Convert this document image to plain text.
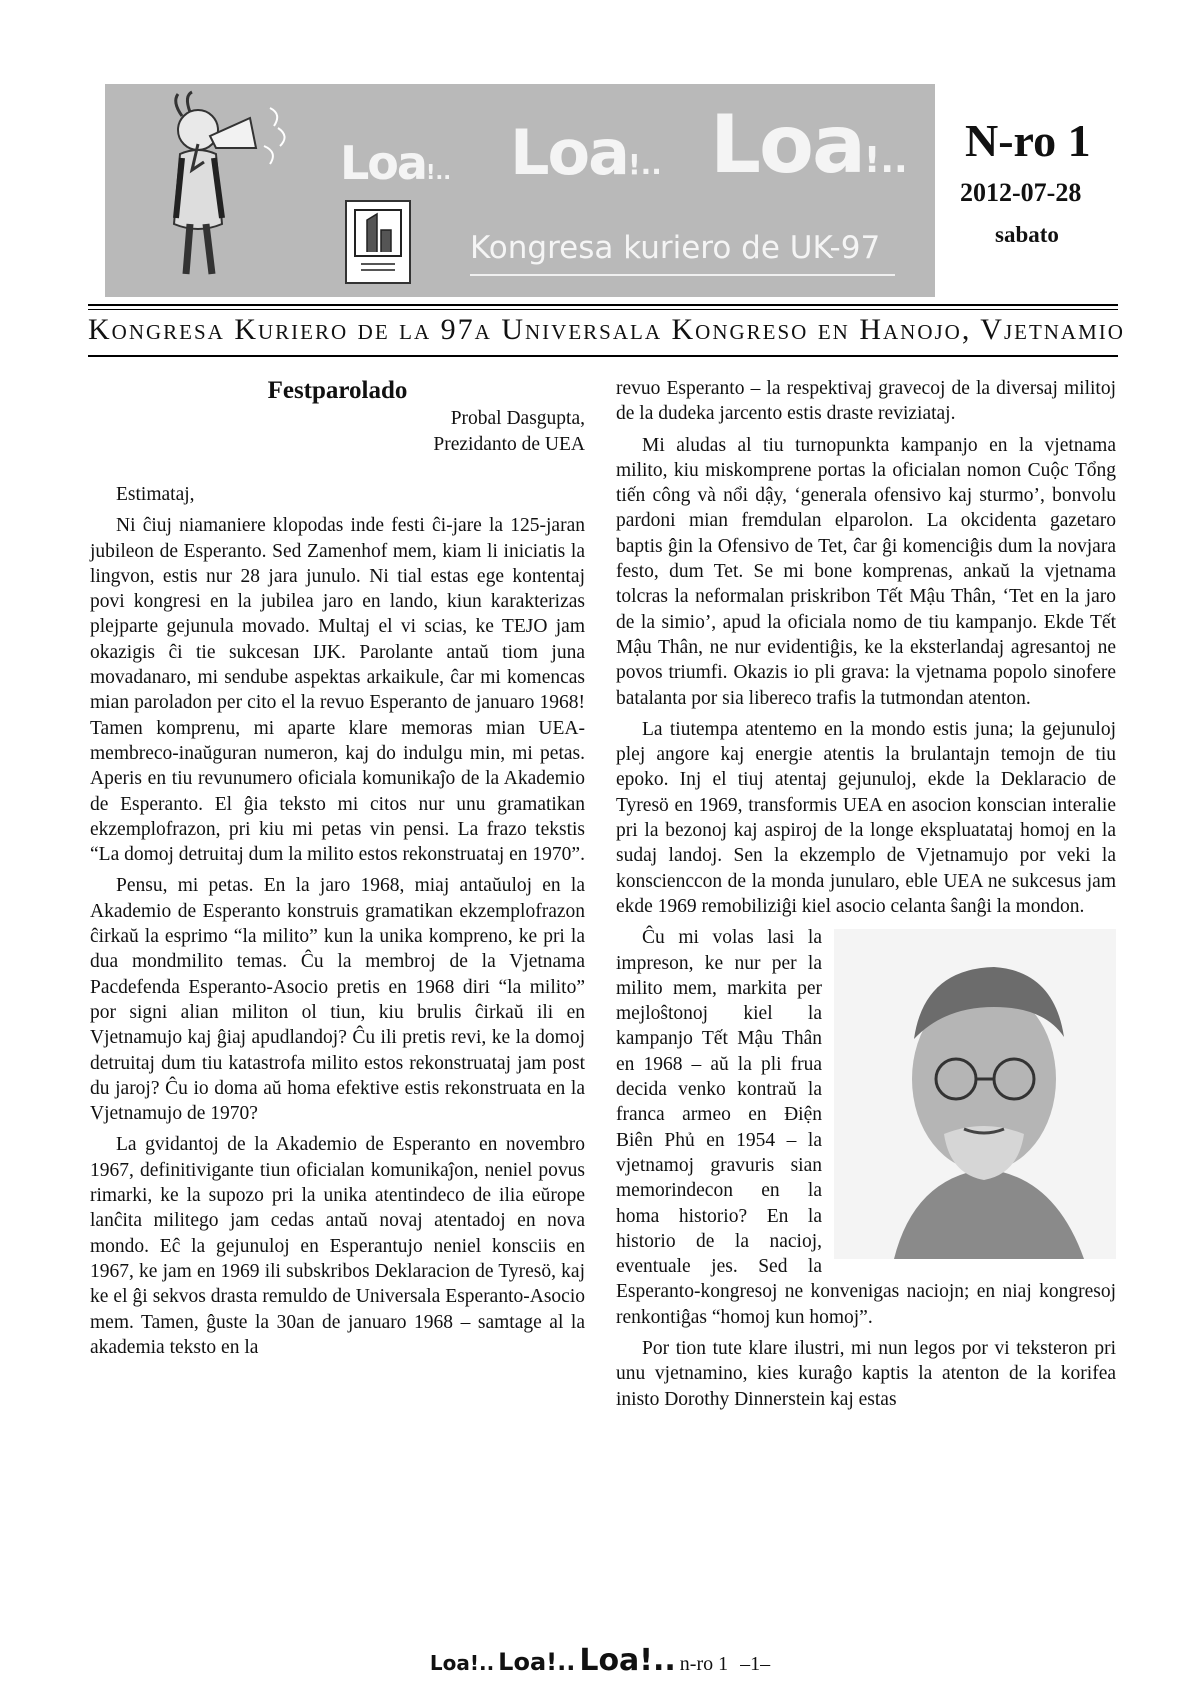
Loa!.. Loa!.. Loa!..
Kongresa kuriero de UK-97
N-ro 1
2012-07-28
sabato
Kongresa Kuriero de la 97a Universala Kongreso en Hanojo, Vjetnamio
Festparolado
Probal Dasgupta,
Prezidanto de UEA

Estimataj,

Ni ĉiuj niamaniere klopodas inde festi ĉi-jare la 125-jaran jubileon de Esperanto. Sed Zamenhof mem, kiam li iniciatis la lingvon, estis nur 28 jara junulo. Ni tial estas ege kontentaj povi kongresi en la jubilea jaro en lando, kiun karakterizas plejparte gejunula movado. Multaj el vi scias, ke TEJO jam okazigis ĉi tie sukcesan IJK. Parolante antaŭ tiom juna movadanaro, mi sendube aspektas arkaikule, ĉar mi komencas mian paroladon per cito el la revuo Esperanto de januaro 1968! Tamen komprenu, mi aparte klare memoras mian UEA-membreco-inaŭguran numeron, kaj do indulgu min, mi petas. Aperis en tiu revunumero oficiala komunikaĵo de la Akademio de Esperanto. El ĝia teksto mi citos nur unu gramatikan ekzemplofrazon, pri kiu mi petas vin pensi. La frazo tekstis “La domoj detruitaj dum la milito estos rekonstruataj en 1970”.

Pensu, mi petas. En la jaro 1968, miaj antaŭuloj en la Akademio de Esperanto konstruis gramatikan ekzemplofrazon ĉirkaŭ la esprimo “la milito” kun la unika kompreno, ke pri la dua mondmilito temas. Ĉu la membroj de la Vjetnama Pacdefenda Esperanto-Asocio pretis en 1968 diri “la milito” por signi alian militon ol tiun, kiu brulis ĉirkaŭ ili en Vjetnamujo kaj ĝiaj apudlandoj? Ĉu ili pretis revi, ke la domoj detruitaj dum tiu katastrofa milito estos rekonstruataj jam post du jaroj? Ĉu io doma aŭ homa efektive estis rekonstruata en la Vjetnamujo de 1970?

La gvidantoj de la Akademio de Esperanto en novembro 1967, definitivigante tiun oficialan komunikaĵon, neniel povus rimarki, ke la supozo pri la unika atentindeco de ilia eŭrope lanĉita militego jam cedas antaŭ novaj atentadoj en nova mondo. Eĉ la gejunuloj en Esperantujo neniel konsciis en 1967, ke jam en 1969 ili subskribos Deklaracion de Tyresö, kaj ke el ĝi sekvos drasta remuldo de Universala Esperanto-Asocio mem. Tamen, ĝuste la 30an de januaro 1968 – samtage al la akademia teksto en la

revuo Esperanto – la respektivaj gravecoj de la diversaj militoj de la dudeka jarcento estis draste reviziataj.

Mi aludas al tiu turnopunkta kampanjo en la vjetnama milito, kiu miskomprene portas la oficialan nomon Cuộc Tổng tiến công và nổi dậy, ‘generala ofensivo kaj sturmo’, bonvolu pardoni mian fremdulan elparolon. La okcidenta gazetaro baptis ĝin la Ofensivo de Tet, ĉar ĝi komenciĝis dum la novjara festo, dum Tet. Se mi bone komprenas, ankaŭ la vjetnama tolcras la neformalan priskribon Tết Mậu Thân, ‘Tet en la jaro de la simio’, apud la oficiala nomo de tiu kampanjo. Ekde Tết Mậu Thân, ne nur evidentiĝis, ke la eksterlandaj agresantoj ne povos triumfi. Okazis io pli grava: la vjetnama popolo sinofere batalanta por sia libereco trafis la tutmondan atenton.

La tiutempa atentemo en la mondo estis juna; la gejunuloj plej angore kaj energie atentis la brulantajn temojn de tiu epoko. Inj el tiuj atentaj gejunuloj, ekde la Deklaracio de Tyresö en 1969, transformis UEA en asocion konscian interalie pri la bezonoj kaj aspiroj de la longe ekspluatataj homoj en la sudaj landoj. Sen la ekzemplo de Vjetnamujo por veki la konscienccon de la monda junularo, eble UEA ne sukcesus jam ekde 1969 remobiliziĝi kiel asocio celanta ŝanĝi la mondon.

Ĉu mi volas lasi la impreson, ke nur per la milito mem, markita per mejloŝtonoj kiel la kampanjo Tết Mậu Thân en 1968 – aŭ la pli frua decida venko kontraŭ la franca armeo en Điện Biên Phủ en 1954 – la vjetnamoj gravuris sian memorindecon en la homa historio? En la historio de la nacioj, eventuale jes. Sed la Esperanto-kongresoj ne konvenigas naciojn; en niaj kongresoj renkontiĝas “homoj kun homoj”.

Por tion tute klare ilustri, mi nun legos por vi teksteron pri unu vjetnamino, kies kuraĝo kaptis la atenton de la korifea inisto Dorothy Dinnerstein kaj estas

Loa!.. Loa!.. Loa!.. n-ro 1 –1–
